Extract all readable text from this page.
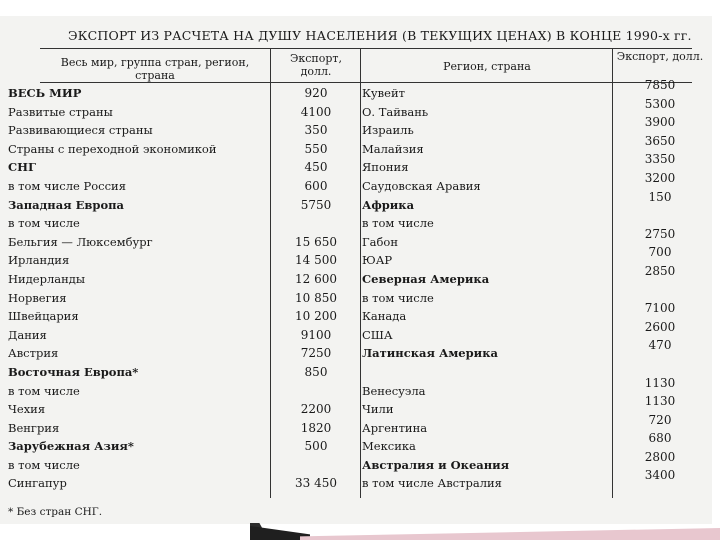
ЭКСПОРТ ИЗ РАСЧЕТА НА ДУШУ НАСЕЛЕНИЯ (В ТЕКУЩИХ ЦЕНАХ) В КОНЦЕ 1990-х гг.
Весь мир, группа стран, регион, страна
Экспорт, долл.	Регион, страна
Экспорт, долл.
ВЕСЬ МИР
Развитые страны
Развивающиеся страны
Страны с переходной экономикой
СНГ
в том числе Россия
Западная Европа
в том числе
Бельгия — Люксембург
Ирландия
Нидерланды
Норвегия
Швейцария
Дания
Австрия
Восточная Европа*
в том числе
Чехия
Венгрия
Зарубежная Азия*
в том числе
Сингапур
920
4100
350
550
450
600
5750
15 650
14 500
12 600
10 850
10 200
9100
7250
850
2200
1820
500
33 450
Кувейт
О. Тайвань
Израиль
Малайзия
Япония
Саудовская Аравия
Африка
в том числе
Габон
ЮАР
Северная Америка
в том числе
Канада
США
Латинская Америка
Венесуэла
Чили
Аргентина
Мексика
Австралия и Океания
в том числе Австралия
7850
5300
3900
3650
3350
3200
150
2750
700
2850
7100
2600
470
1130
1130
720
680
2800
3400
* Без стран СНГ.
